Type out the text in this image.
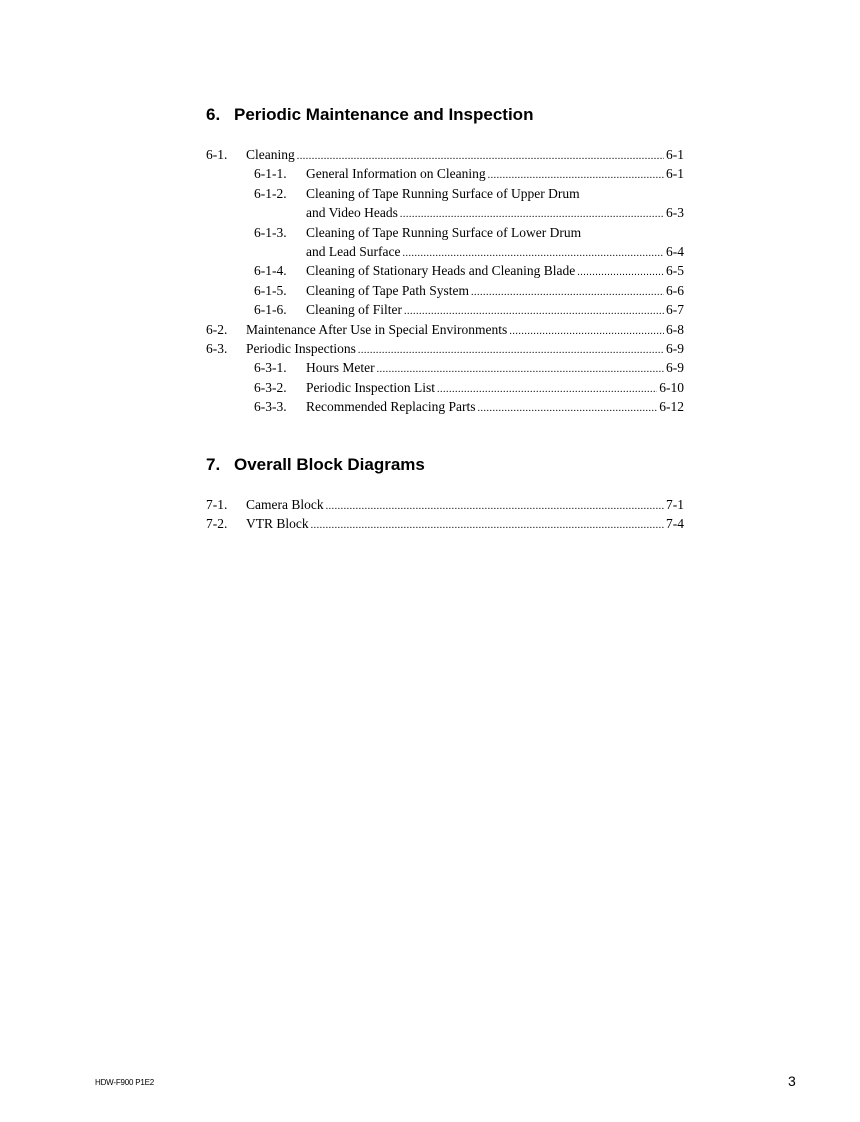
6. Periodic Maintenance and Inspection
6-1.	Cleaning .....	6-1
6-1-1.	General Information on Cleaning .....	6-1
6-1-2.	Cleaning of Tape Running Surface of Upper Drum
and Video Heads .....	6-3
6-1-3.	Cleaning of Tape Running Surface of Lower Drum
and Lead Surface .....	6-4
6-1-4.	Cleaning of Stationary Heads and Cleaning Blade .....	6-5
6-1-5.	Cleaning of Tape Path System .....	6-6
6-1-6.	Cleaning of Filter .....	6-7
6-2.	Maintenance After Use in Special Environments .....	6-8
6-3.	Periodic Inspections .....	6-9
6-3-1.	Hours Meter .....	6-9
6-3-2.	Periodic Inspection List .....	6-10
6-3-3.	Recommended Replacing Parts .....	6-12
7. Overall Block Diagrams
7-1.	Camera Block .....	7-1
7-2.	VTR Block .....	7-4
HDW-F900 P1E2	3
